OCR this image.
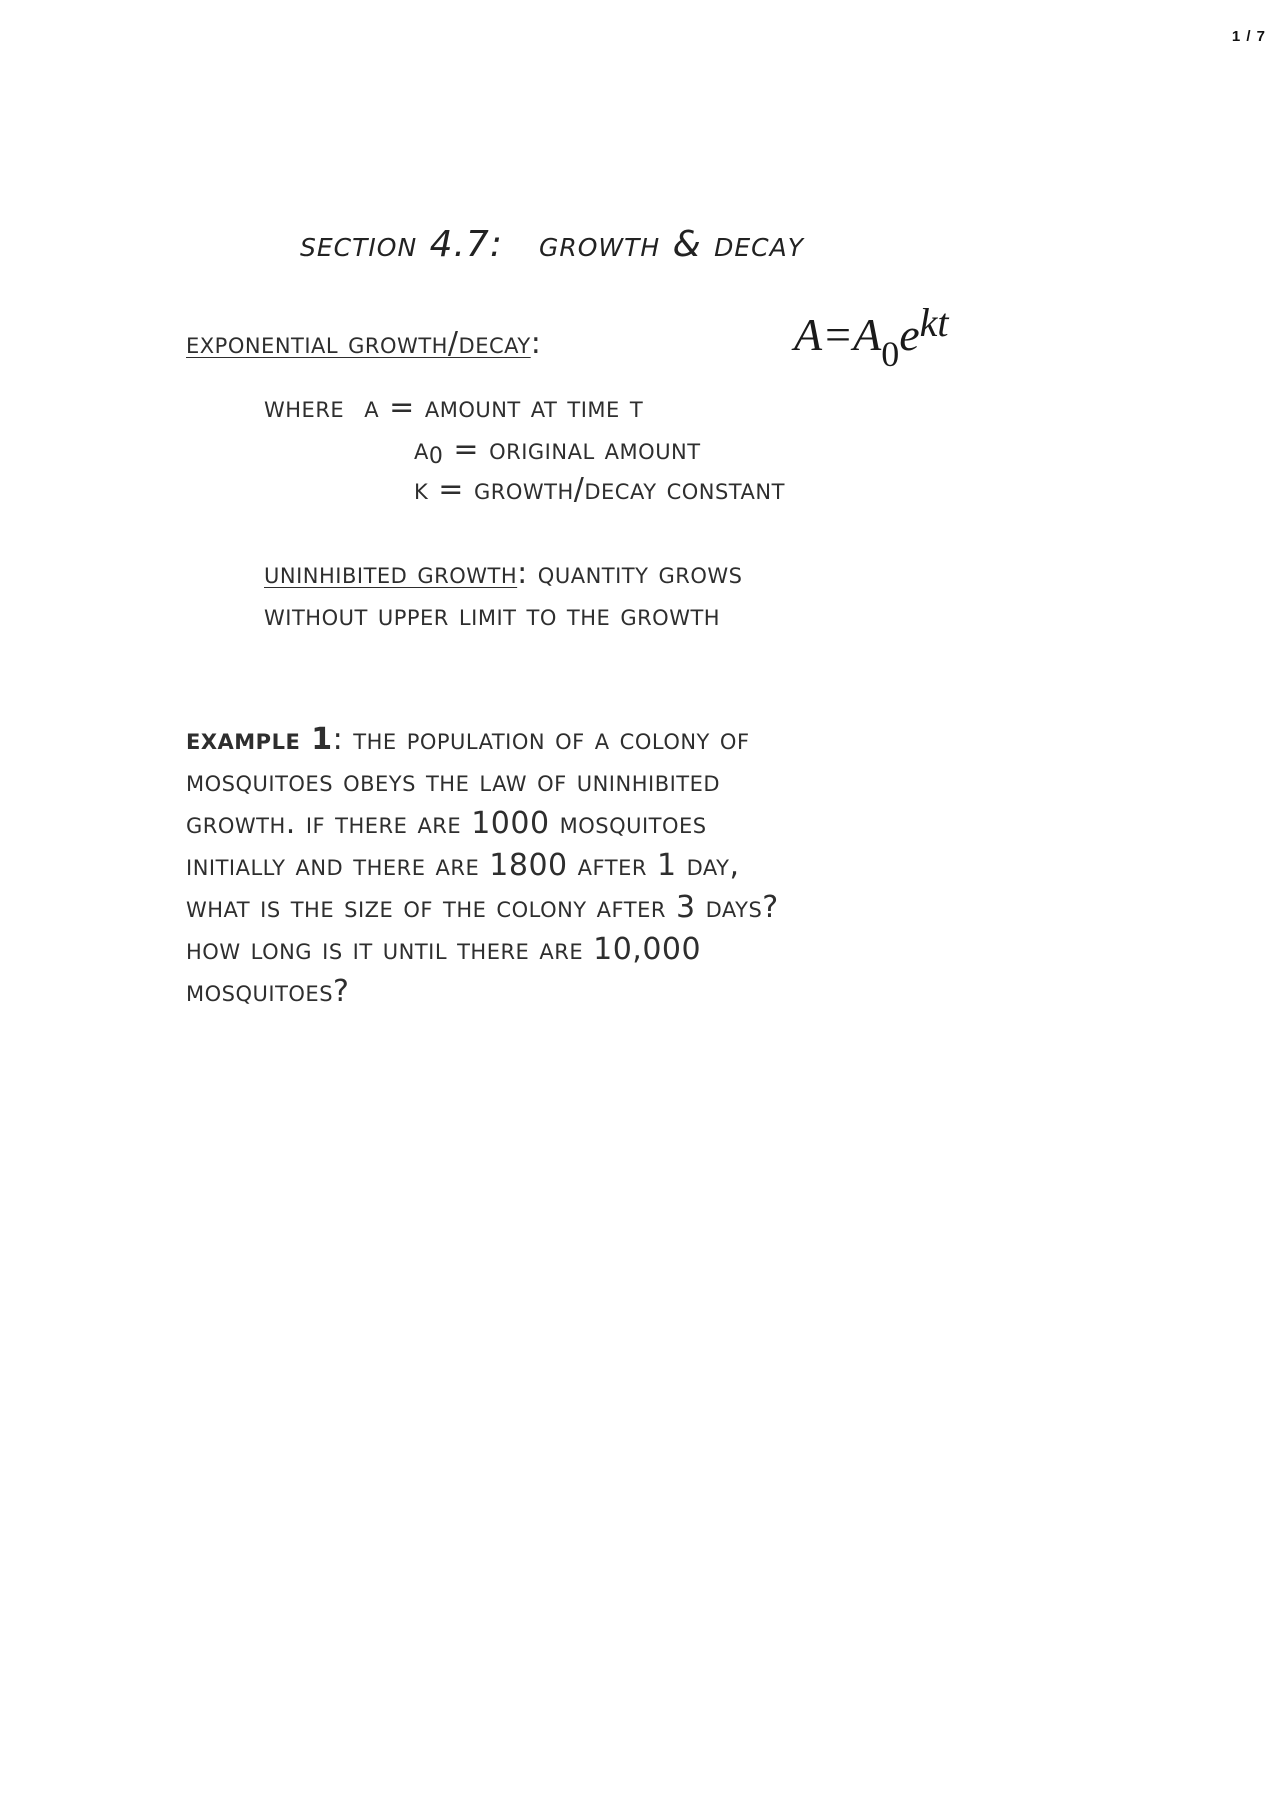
1 / 7
section 4.7: growth & decay
exponential growth/decay:	$A=A_0ekt$
where a = amount at time t
a0 = original amount
k = growth/decay constant
uninhibited growth: quantity grows
without upper limit to the growth
example 1: the population of a colony of
mosquitoes obeys the law of uninhibited
growth. if there are 1000 mosquitoes
initially and there are 1800 after 1 day,
what is the size of the colony after 3 days?
how long is it until there are 10,000
mosquitoes?
